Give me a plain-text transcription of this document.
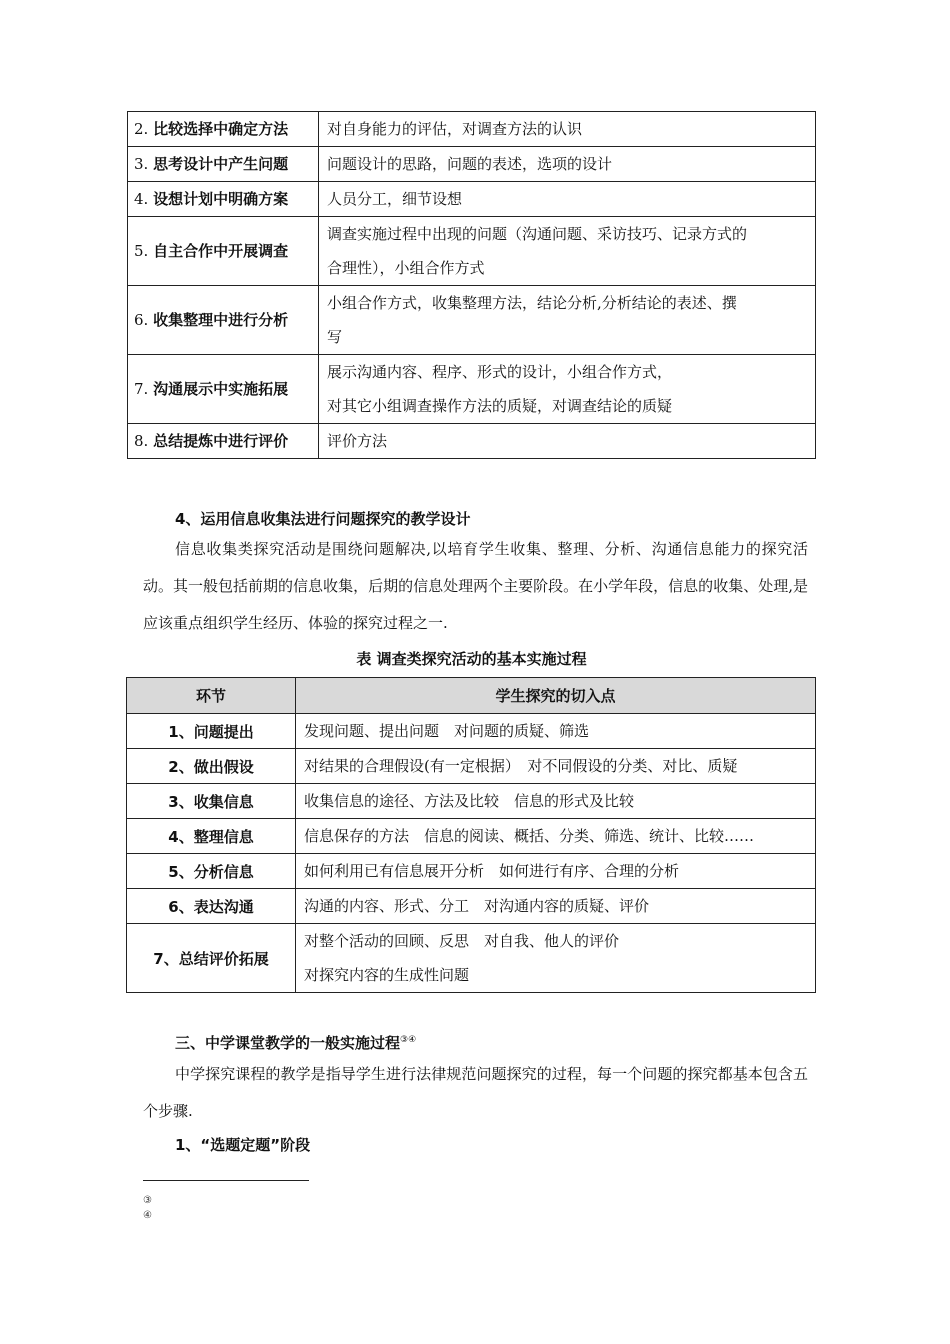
2. 比较选择中确定方法	对自身能力的评估，对调查方法的认识

3. 思考设计中产生问题	问题设计的思路，问题的表述，选项的设计

4. 设想计划中明确方案	人员分工，细节设想

5. 自主合作中开展调查	调查实施过程中出现的问题（沟通问题、采访技巧、记录方式的
合理性），小组合作方式

6. 收集整理中进行分析	小组合作方式，收集整理方法，结论分析,分析结论的表述、撰
写

7. 沟通展示中实施拓展	展示沟通内容、程序、形式的设计，小组合作方式，
对其它小组调查操作方法的质疑，对调查结论的质疑

8. 总结提炼中进行评价	评价方法
4、运用信息收集法进行问题探究的教学设计
信息收集类探究活动是围绕问题解决,以培育学生收集、整理、分析、沟通信息能力的探究活动。其一般包括前期的信息收集，后期的信息处理两个主要阶段。在小学年段，信息的收集、处理,是应该重点组织学生经历、体验的探究过程之一.
表 调查类探究活动的基本实施过程
环节	学生探究的切入点
1、问题提出	发现问题、提出问题　对问题的质疑、筛选

2、做出假设	对结果的合理假设(有一定根据）　对不同假设的分类、对比、质疑

3、收集信息	收集信息的途径、方法及比较　信息的形式及比较

4、整理信息	信息保存的方法　信息的阅读、概括、分类、筛选、统计、比较……

5、分析信息	如何利用已有信息展开分析　如何进行有序、合理的分析

6、表达沟通	沟通的内容、形式、分工　对沟通内容的质疑、评价

7、总结评价拓展	对整个活动的回顾、反思　对自我、他人的评价
对探究内容的生成性问题
三、中学课堂教学的一般实施过程③④
中学探究课程的教学是指导学生进行法律规范问题探究的过程，每一个问题的探究都基本包含五个步骤.
1、“选题定题”阶段
③
④
